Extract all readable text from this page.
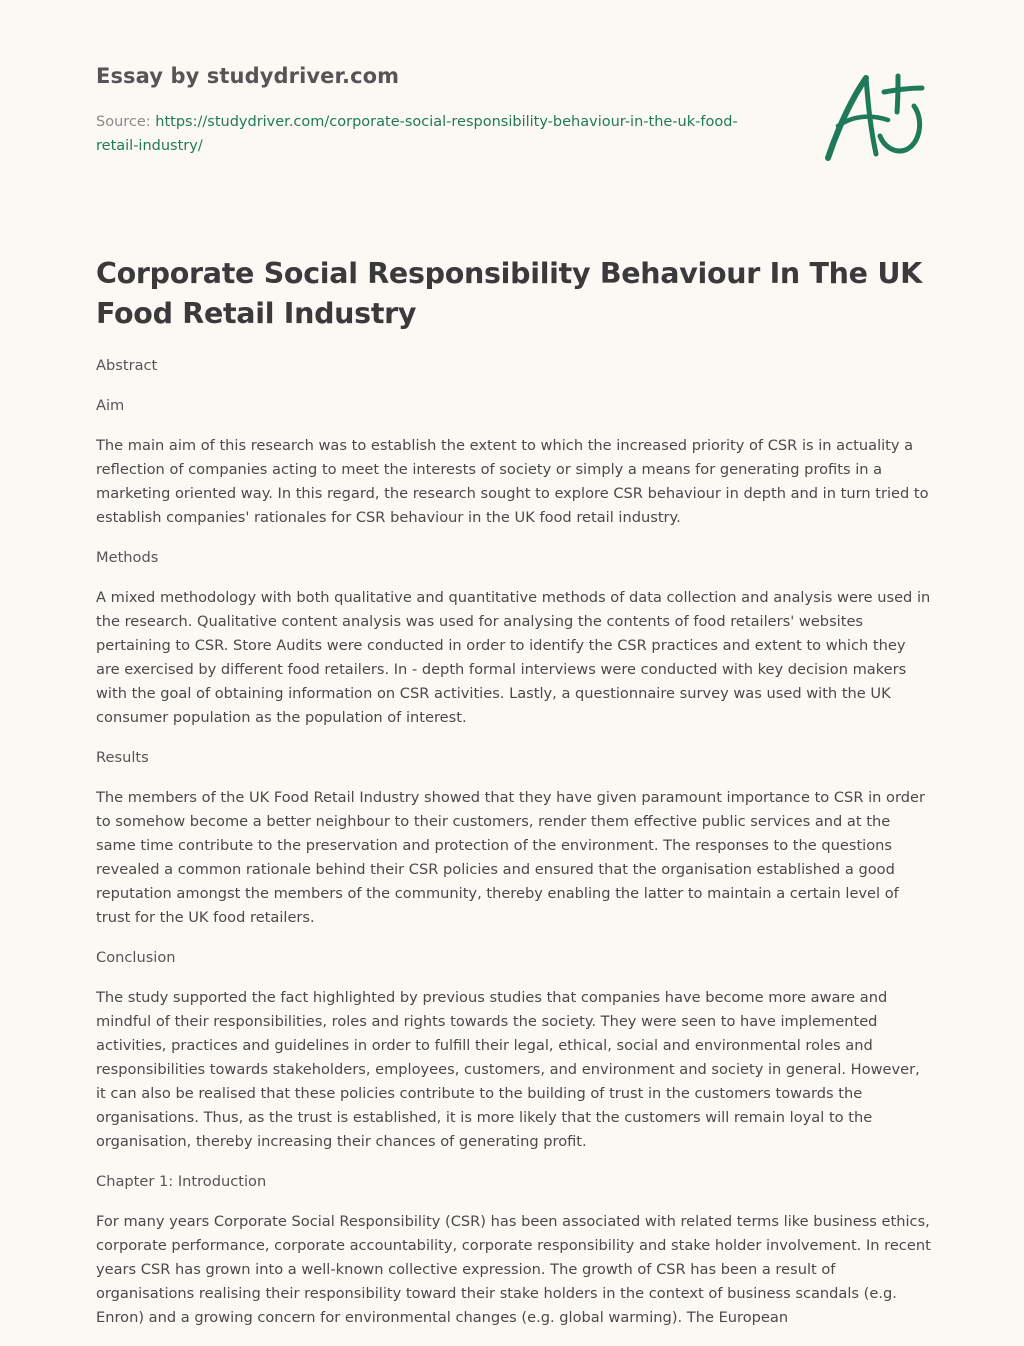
Essay by studydriver.com
Source: https://studydriver.com/corporate-social-responsibility-behaviour-in-the-uk-food-retail-industry/
Corporate Social Responsibility Behaviour In The UK Food Retail Industry

Abstract

Aim

The main aim of this research was to establish the extent to which the increased priority of CSR is in actuality a reflection of companies acting to meet the interests of society or simply a means for generating profits in a marketing oriented way. In this regard, the research sought to explore CSR behaviour in depth and in turn tried to establish companies' rationales for CSR behaviour in the UK food retail industry.

Methods

A mixed methodology with both qualitative and quantitative methods of data collection and analysis were used in the research. Qualitative content analysis was used for analysing the contents of food retailers' websites pertaining to CSR. Store Audits were conducted in order to identify the CSR practices and extent to which they are exercised by different food retailers. In - depth formal interviews were conducted with key decision makers with the goal of obtaining information on CSR activities. Lastly, a questionnaire survey was used with the UK consumer population as the population of interest.

Results

The members of the UK Food Retail Industry showed that they have given paramount importance to CSR in order to somehow become a better neighbour to their customers, render them effective public services and at the same time contribute to the preservation and protection of the environment. The responses to the questions revealed a common rationale behind their CSR policies and ensured that the organisation established a good reputation amongst the members of the community, thereby enabling the latter to maintain a certain level of trust for the UK food retailers.

Conclusion

The study supported the fact highlighted by previous studies that companies have become more aware and mindful of their responsibilities, roles and rights towards the society. They were seen to have implemented activities, practices and guidelines in order to fulfill their legal, ethical, social and environmental roles and responsibilities towards stakeholders, employees, customers, and environment and society in general. However, it can also be realised that these policies contribute to the building of trust in the customers towards the organisations. Thus, as the trust is established, it is more likely that the customers will remain loyal to the organisation, thereby increasing their chances of generating profit.

Chapter 1: Introduction

For many years Corporate Social Responsibility (CSR) has been associated with related terms like business ethics, corporate performance, corporate accountability, corporate responsibility and stake holder involvement. In recent years CSR has grown into a well-known collective expression. The growth of CSR has been a result of organisations realising their responsibility toward their stake holders in the context of business scandals (e.g. Enron) and a growing concern for environmental changes (e.g. global warming). The European
